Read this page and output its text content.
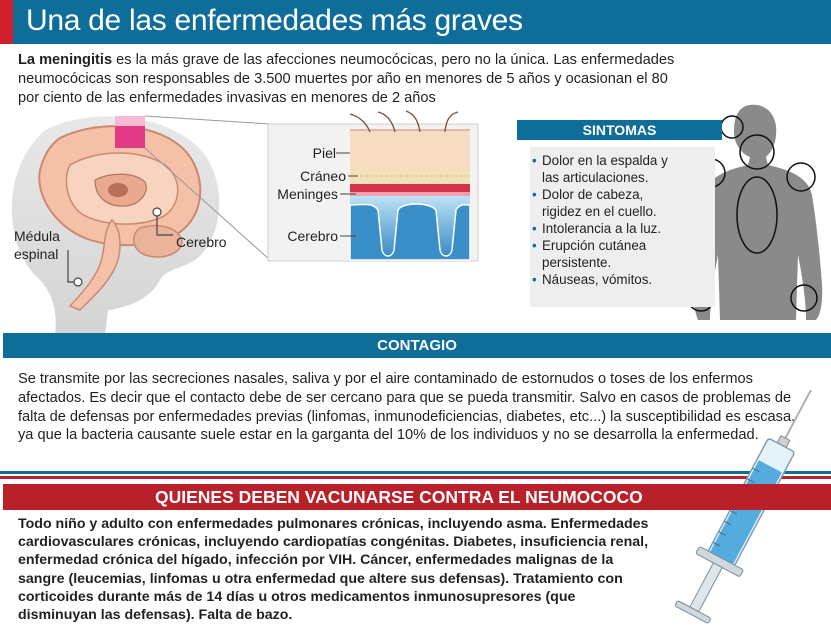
Una de las enfermedades más graves

La meningitis es la más grave de las afecciones neumocócicas, pero no la única. Las enfermedades neumocócicas son responsables de 3.500 muertes por año en menores de 5 años y ocasionan el 80 por ciento de las enfermedades invasivas en menores de 2 años

Piel
Cráneo
Meninges
Cerebro
Cerebro
Médula
espinal
SINTOMAS
• Dolor en la espalda y
las articulaciones.
• Dolor de cabeza,
rigidez en el cuello.
• Intolerancia a la luz.
• Erupción cutánea
persistente.
• Náuseas, vómitos.
CONTAGIO

Se transmite por las secreciones nasales, saliva y por el aire contaminado de estornudos o toses de los enfermos afectados. Es decir que el contacto debe de ser cercano para que se pueda transmitir. Salvo en casos de problemas de falta de defensas por enfermedades previas (linfomas, inmunodeficiencias, diabetes, etc...) la susceptibilidad es escasa, ya que la bacteria causante suele estar en la garganta del 10% de los individuos y no se desarrolla la enfermedad.

QUIENES DEBEN VACUNARSE CONTRA EL NEUMOCOCO

Todo niño y adulto con enfermedades pulmonares crónicas, incluyendo asma. Enfermedades cardiovasculares crónicas, incluyendo cardiopatías congénitas. Diabetes, insuficiencia renal, enfermedad crónica del hígado, infección por VIH. Cáncer, enfermedades malignas de la sangre (leucemias, linfomas u otra enfermedad que altere sus defensas). Tratamiento con corticoides durante más de 14 días u otros medicamentos inmunosupresores (que disminuyan las defensas). Falta de bazo.
